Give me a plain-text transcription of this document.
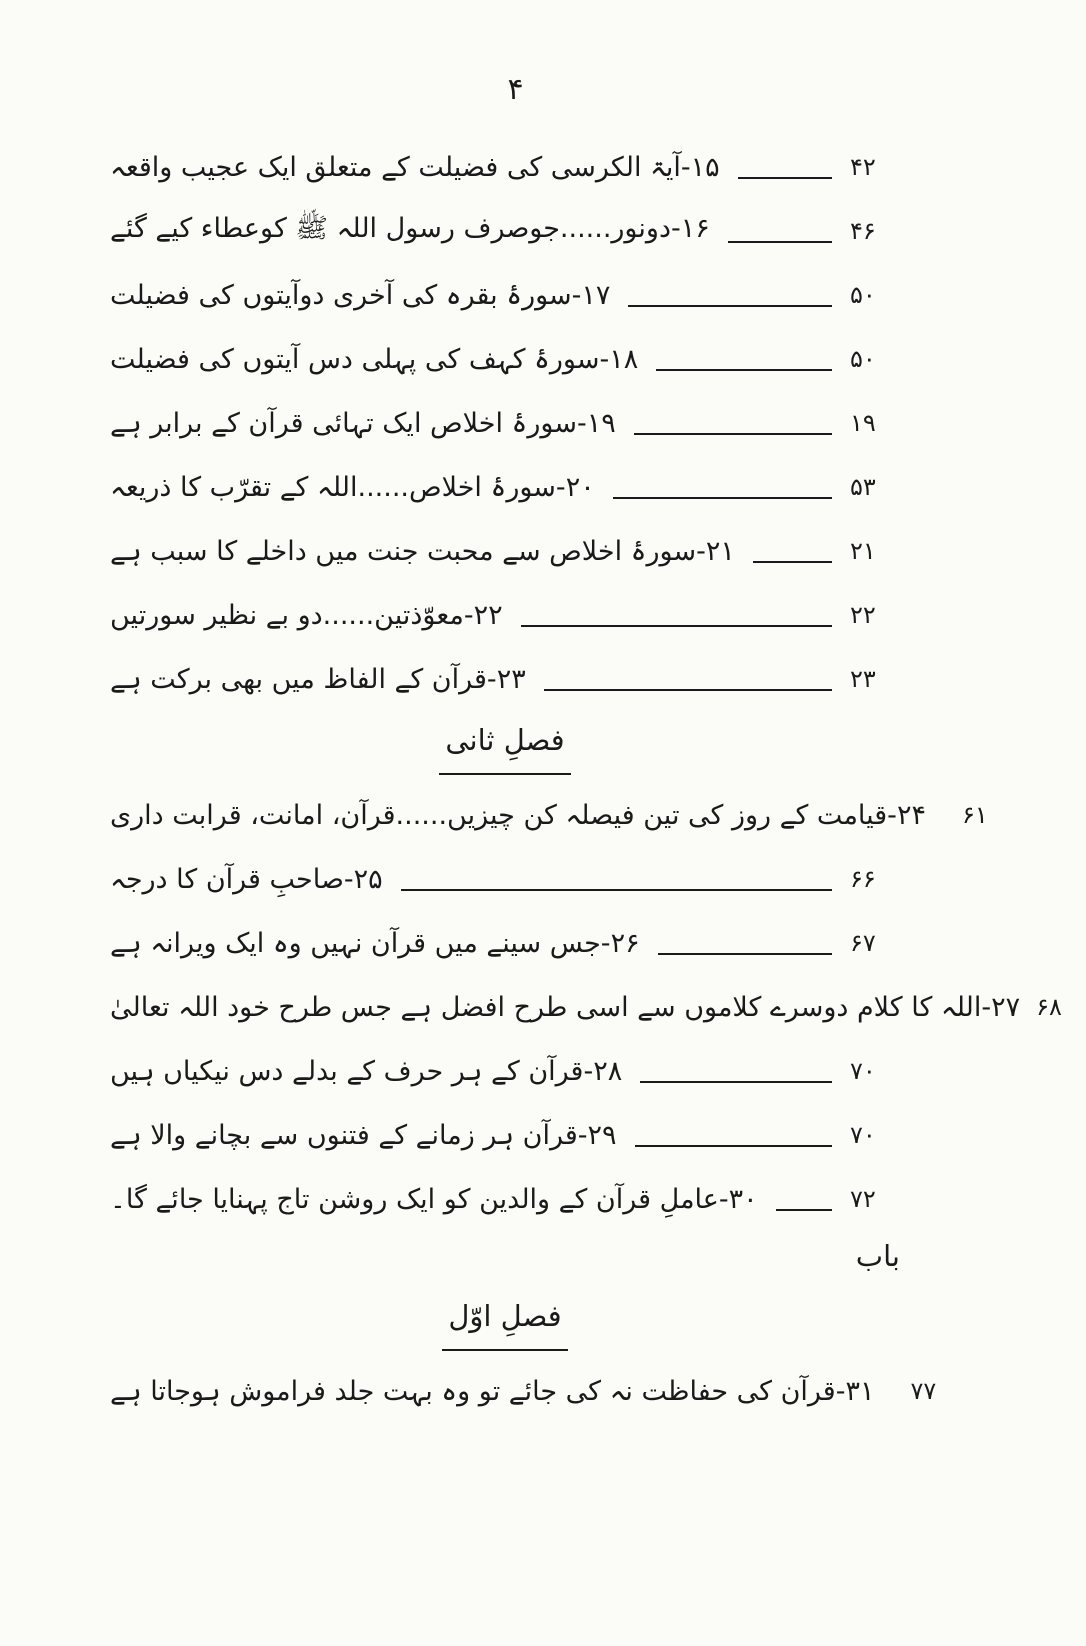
۴
۱۵-آیۃ الکرسی کی فضیلت کے متعلق ایک عجیب واقعہ	۴۲
۱۶-دونور......جوصرف رسول اللہ ﷺ کوعطاء کیے گئے	۴۶
۱۷-سورۂ بقرہ کی آخری دوآیتوں کی فضیلت	۵۰
۱۸-سورۂ کہف کی پہلی دس آیتوں کی فضیلت	۵۰
۱۹-سورۂ اخلاص ایک تہائی قرآن کے برابر ہے	۱۹
۲۰-سورۂ اخلاص......اللہ کے تقرّب کا ذریعہ	۵۳
۲۱-سورۂ اخلاص سے محبت جنت میں داخلے کا سبب ہے	۲۱
۲۲-معوّذتین......دو بے نظیر سورتیں	۲۲
۲۳-قرآن کے الفاظ میں بھی برکت ہے	۲۳
فصلِ ثانی
۲۴-قیامت کے روز کی تین فیصلہ کن چیزیں......قرآن، امانت، قرابت داری ۶۱
۲۵-صاحبِ قرآن کا درجہ	۶۶
۲۶-جس سینے میں قرآن نہیں وہ ایک ویرانہ ہے	۶۷
۲۷-اللہ کا کلام دوسرے کلاموں سے اسی طرح افضل ہے جس طرح خود اللہ تعالیٰ ۶۸
۲۸-قرآن کے ہر حرف کے بدلے دس نیکیاں ہیں	۷۰
۲۹-قرآن ہر زمانے کے فتنوں سے بچانے والا ہے	۷۰
۳۰-عاملِ قرآن کے والدین کو ایک روشن تاج پہنایا جائے گا۔	۷۲
باب
فصلِ اوّل
۳۱-قرآن کی حفاظت نہ کی جائے تو وہ بہت جلد فراموش ہوجاتا ہے ۷۷
